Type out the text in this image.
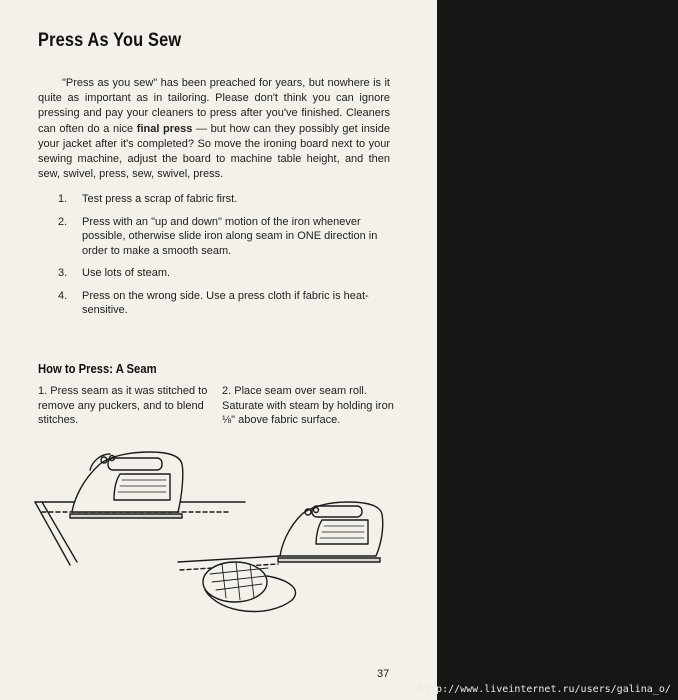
Press As You Sew
"Press as you sew" has been preached for years, but nowhere is it quite as important as in tailoring. Please don't think you can ignore pressing and pay your cleaners to press after you've finished. Cleaners can often do a nice final press — but how can they possibly get inside your jacket after it's completed? So move the ironing board next to your sewing machine, adjust the board to machine table height, and then sew, swivel, press, sew, swivel, press.
1.	Test press a scrap of fabric first.
2.	Press with an "up and down" motion of the iron whenever possible, otherwise slide iron along seam in ONE direction in order to make a smooth seam.
3.	Use lots of steam.
4.	Press on the wrong side. Use a press cloth if fabric is heat-sensitive.
How to Press: A Seam
1. Press seam as it was stitched to remove any puckers, and to blend stitches.
2. Place seam over seam roll. Saturate with steam by holding iron ⅛" above fabric surface.
37
http://www.liveinternet.ru/users/galina_o/
